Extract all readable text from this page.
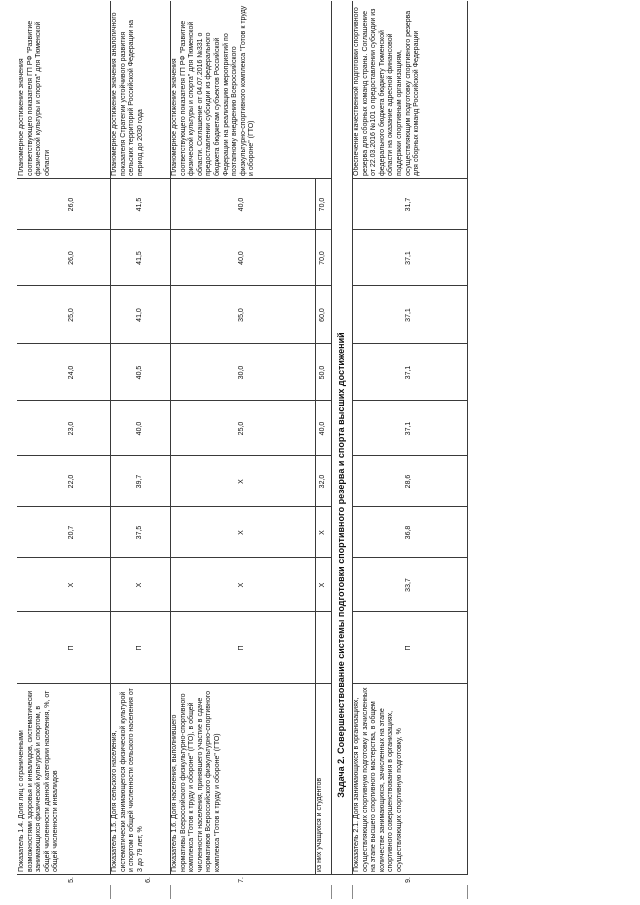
5.
Показатель 1.4. Доля лиц с ограниченными возможностями здоровья и инвалидов, систематически занимающихся физической культурой и спортом, в общей численности данной категории населения, %, от общей численности инвалидов
П
X
20,7
22,0
23,0
24,0
25,0
26,0
26,0
Планомерное достижение значения соответствующего показателя ГП РФ "Развитие физической культуры и спорта" для Тюменской области
6.
Показатель 1.5. Доля сельского населения, систематически занимающегося физической культурой и спортом в общей численности сельского населения от 3 до 79 лет, %
П
X
37,5
39,7
40,0
40,5
41,0
41,5
41,5
Планомерное достижение значения аналогичного показателя Стратегии устойчивого развития сельских территорий Российской Федерации на период до 2030 года
7.
Показатель 1.6. Доля населения, выполнившего нормативы Всероссийского физкультурно-спортивного комплекса "Готов к труду и обороне" (ГТО), в общей численности населения, принявшего участие в сдаче нормативов Всероссийского физкультурно-спортивного комплекса "Готов к труду и обороне" (ГТО)
П
X
X
X
25,0
30,0
35,0
40,0
40,0
Планомерное достижение значения соответствующего показателя ГП РФ "Развитие физической культуры и спорта" для Тюменской области. Соглашение от 04.07.2016 №331 о предоставлении субсидии из федерального бюджета бюджетам субъектов Российской Федерации на реализацию мероприятий по поэтапному внедрению Всероссийского физкультурно-спортивного комплекса "Готов к труду и обороне" (ГТО)
из них учащихся и студентов
X
X
32,0
40,0
50,0
60,0
70,0
70,0
Задача 2. Совершенствование системы подготовки спортивного резерва и спорта высших достижений
9.
Показатель 2.1. Доля занимающихся в организациях, осуществляющих спортивную подготовку и зачисленных на этапе высшего спортивного мастерства, в общем количестве занимающихся, зачисленных на этапе спортивного совершенствования в организациях, осуществляющих спортивную подготовку, %
П
33,7
36,8
28,6
37,1
37,1
37,1
37,1
31,7
Обеспечение качественной подготовки спортивного резерва для сборных команд страны. Соглашение от 22.03.2016 №101 о предоставлении субсидии из федерального бюджета бюджету Тюменской области на оказание адресной финансовой поддержки спортивным организациям, осуществляющим подготовку спортивного резерва для сборных команд Российской Федерации
